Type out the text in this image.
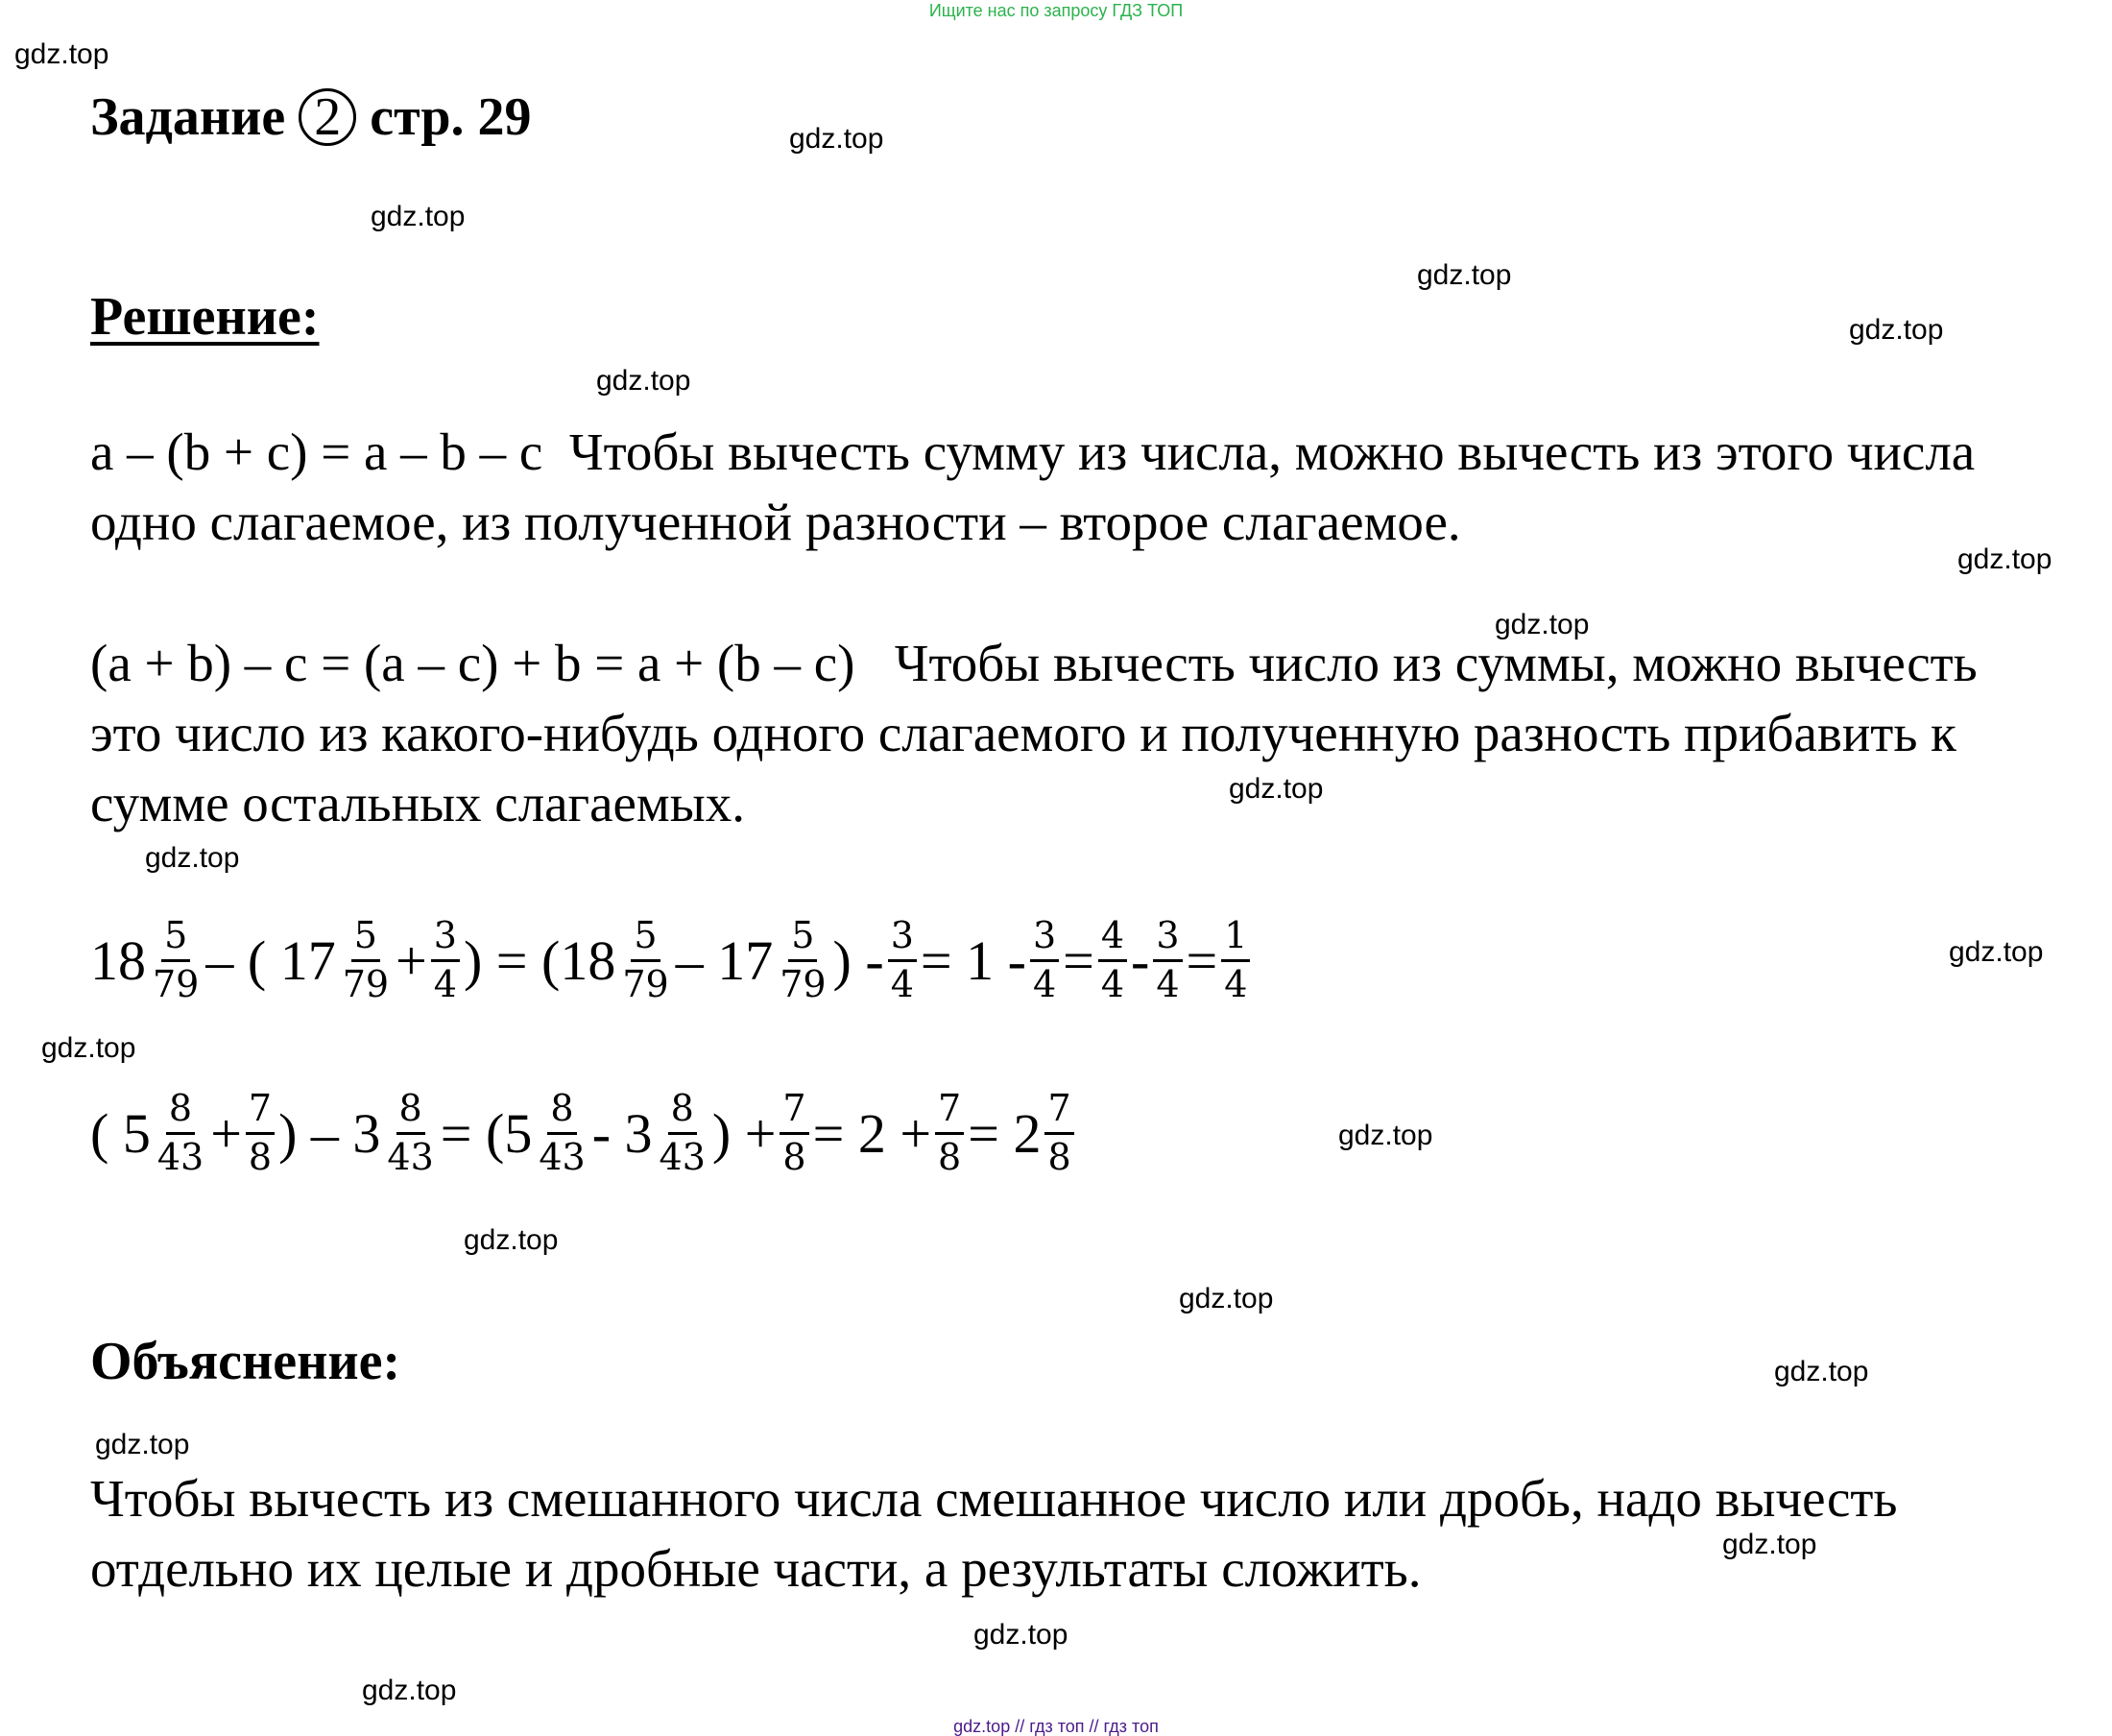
Ищите нас по запросу ГДЗ ТОП
gdz.top
gdz.top
gdz.top
gdz.top
gdz.top
gdz.top
gdz.top
gdz.top
gdz.top
gdz.top
gdz.top
gdz.top
gdz.top
gdz.top
gdz.top
gdz.top
gdz.top
gdz.top
gdz.top
gdz.top
Задание 2 стр. 29
Решение:
a – (b + c) = a – b – c Чтобы вычесть сумму из числа, можно вычесть из этого числа одно слагаемое, из полученной разности – второе слагаемое.
(a + b) – c = (a – c) + b = a + (b – c) Чтобы вычесть число из суммы, можно вычесть это число из какого-нибудь одного слагаемого и полученную разность прибавить к сумме остальных слагаемых.
$18 \frac{5}{79}$ –
(
$17 \frac{5}{79} + \frac{3}{4}$ )
=
($18 \frac{5}{79}$ –
$17 \frac{5}{79}$ )
- $\frac{3}{4}$ =
1
- $\frac{3}{4} = \frac{4}{4} - \frac{3}{4} = \frac{1}{4}$
(
$5 \frac{8}{43} + \frac{7}{8}$ )
–
$3 \frac{8}{43}$ =
($5 \frac{8}{43}$ -
$3 \frac{8}{43}$ )
+ $\frac{7}{8}$ =
2
+ $\frac{7}{8}$ =
$2 \frac{7}{8}$
Объяснение:
Чтобы вычесть из смешанного числа смешанное число или дробь, надо вычесть отдельно их целые и дробные части, а результаты сложить.
gdz.top // гдз топ // гдз топ
